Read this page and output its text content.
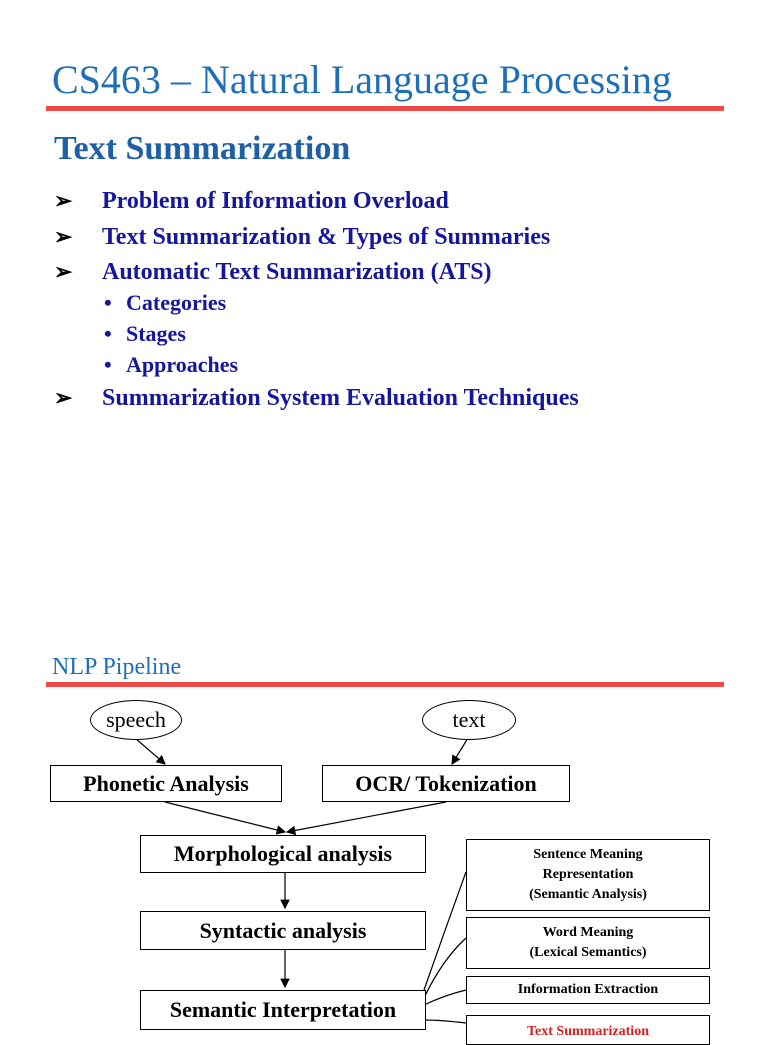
CS463 – Natural Language Processing
Text Summarization
➢ Problem of Information Overload
➢ Text Summarization & Types of Summaries
➢ Automatic Text Summarization (ATS)
• Categories
• Stages
• Approaches
➢ Summarization System Evaluation Techniques
NLP Pipeline
speech	text
Phonetic Analysis	OCR/ Tokenization
Morphological analysis
Syntactic analysis
Semantic Interpretation
Sentence Meaning
Representation
(Semantic Analysis)
Word Meaning
(Lexical Semantics)
Information Extraction
Text Summarization
